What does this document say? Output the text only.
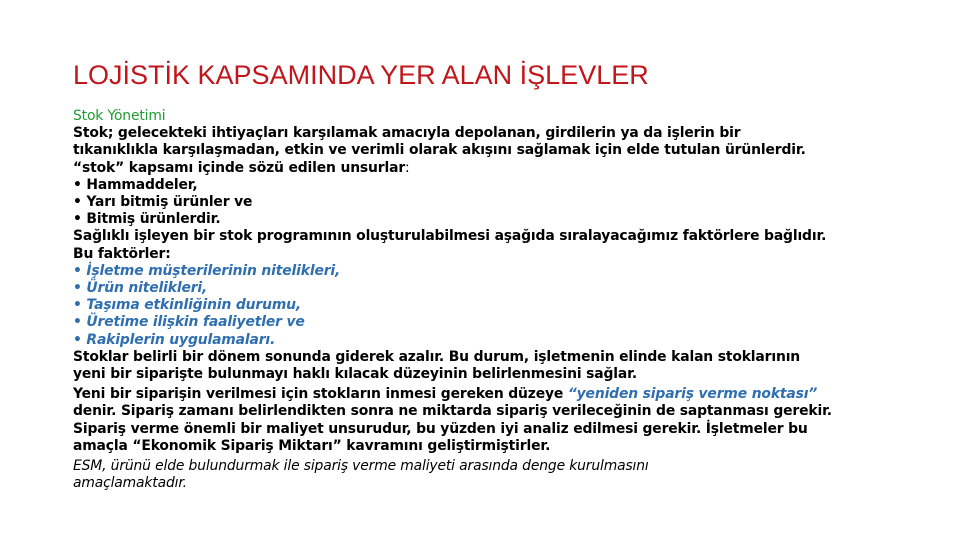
LOJİSTİK KAPSAMINDA YER ALAN İŞLEVLER
Stok Yönetimi
Stok; gelecekteki ihtiyaçları karşılamak amacıyla depolanan, girdilerin ya da işlerin bir
tıkanıklıkla karşılaşmadan, etkin ve verimli olarak akışını sağlamak için elde tutulan ürünlerdir.
“stok” kapsamı içinde sözü edilen unsurlar:
• Hammaddeler,
• Yarı bitmiş ürünler ve
• Bitmiş ürünlerdir.
Sağlıklı işleyen bir stok programının oluşturulabilmesi aşağıda sıralayacağımız faktörlere bağlıdır.
Bu faktörler:
• İşletme müşterilerinin nitelikleri,
• Ürün nitelikleri,
• Taşıma etkinliğinin durumu,
• Üretime ilişkin faaliyetler ve
• Rakiplerin uygulamaları.
Stoklar belirli bir dönem sonunda giderek azalır. Bu durum, işletmenin elinde kalan stoklarının
yeni bir siparişte bulunmayı haklı kılacak düzeyinin belirlenmesini sağlar.
Yeni bir siparişin verilmesi için stokların inmesi gereken düzeye “yeniden sipariş verme noktası”
denir. Sipariş zamanı belirlendikten sonra ne miktarda sipariş verileceğinin de saptanması gerekir.
Sipariş verme önemli bir maliyet unsurudur, bu yüzden iyi analiz edilmesi gerekir. İşletmeler bu
amaçla “Ekonomik Sipariş Miktarı” kavramını geliştirmiştirler.
ESM, ürünü elde bulundurmak ile sipariş verme maliyeti arasında denge kurulmasını
amaçlamaktadır.
